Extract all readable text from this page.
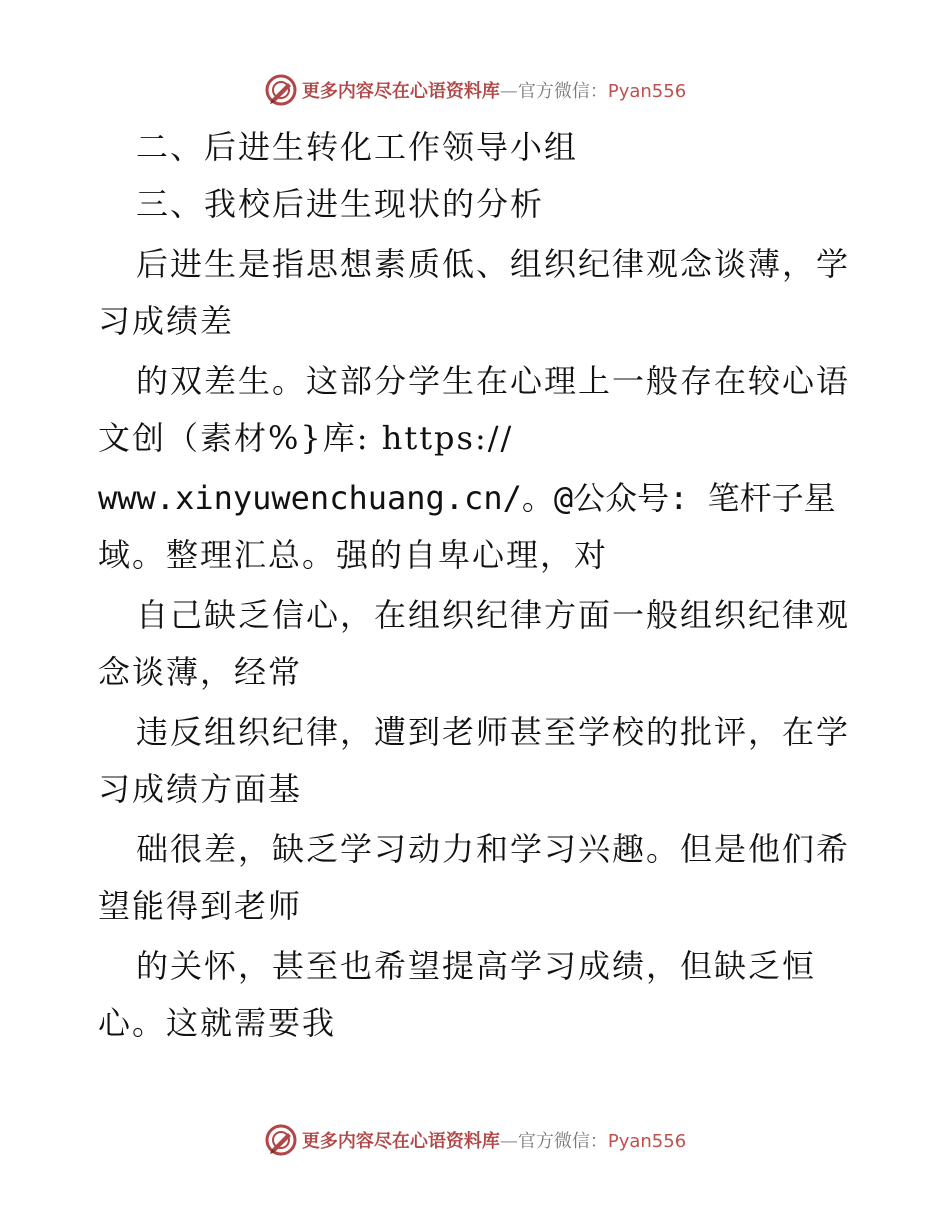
更多内容尽在心语资料库—官方微信：Pyan556
二、后进生转化工作领导小组
三、我校后进生现状的分析
后进生是指思想素质低、组织纪律观念谈薄，学
习成绩差
的双差生。这部分学生在心理上一般存在较心语
文创（素材%}库: https://
www.xinyuwenchuang.cn/。@公众号: 笔杆子星
域。整理汇总。强的自卑心理，对
自己缺乏信心，在组织纪律方面一般组织纪律观
念谈薄，经常
违反组织纪律，遭到老师甚至学校的批评，在学
习成绩方面基
础很差，缺乏学习动力和学习兴趣。但是他们希
望能得到老师
的关怀，甚至也希望提高学习成绩，但缺乏恒
心。这就需要我
更多内容尽在心语资料库—官方微信：Pyan556
